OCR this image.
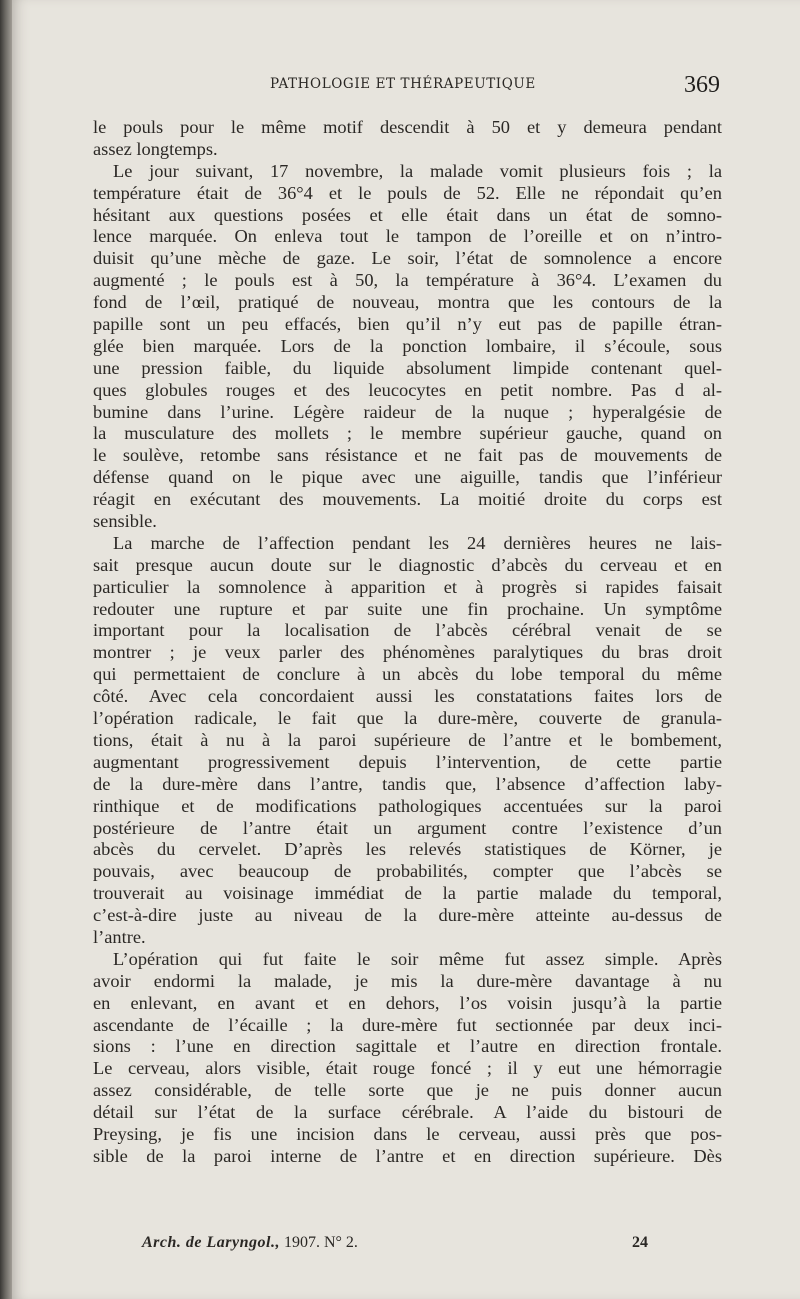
PATHOLOGIE ET THÉRAPEUTIQUE	369
le pouls pour le même motif descendit à 50 et y demeura pendant
assez longtemps.
Le jour suivant, 17 novembre, la malade vomit plusieurs fois ; la
température était de 36°4 et le pouls de 52. Elle ne répondait qu’en
hésitant aux questions posées et elle était dans un état de somno-
lence marquée. On enleva tout le tampon de l’oreille et on n’intro-
duisit qu’une mèche de gaze. Le soir, l’état de somnolence a encore
augmenté ; le pouls est à 50, la température à 36°4. L’examen du
fond de l’œil, pratiqué de nouveau, montra que les contours de la
papille sont un peu effacés, bien qu’il n’y eut pas de papille étran-
glée bien marquée. Lors de la ponction lombaire, il s’écoule, sous
une pression faible, du liquide absolument limpide contenant quel-
ques globules rouges et des leucocytes en petit nombre. Pas d al-
bumine dans l’urine. Légère raideur de la nuque ; hyperalgésie de
la musculature des mollets ; le membre supérieur gauche, quand on
le soulève, retombe sans résistance et ne fait pas de mouvements de
défense quand on le pique avec une aiguille, tandis que l’inférieur
réagit en exécutant des mouvements. La moitié droite du corps est
sensible.
La marche de l’affection pendant les 24 dernières heures ne lais-
sait presque aucun doute sur le diagnostic d’abcès du cerveau et en
particulier la somnolence à apparition et à progrès si rapides faisait
redouter une rupture et par suite une fin prochaine. Un symptôme
important pour la localisation de l’abcès cérébral venait de se
montrer ; je veux parler des phénomènes paralytiques du bras droit
qui permettaient de conclure à un abcès du lobe temporal du même
côté. Avec cela concordaient aussi les constatations faites lors de
l’opération radicale, le fait que la dure-mère, couverte de granula-
tions, était à nu à la paroi supérieure de l’antre et le bombement,
augmentant progressivement depuis l’intervention, de cette partie
de la dure-mère dans l’antre, tandis que, l’absence d’affection laby-
rinthique et de modifications pathologiques accentuées sur la paroi
postérieure de l’antre était un argument contre l’existence d’un
abcès du cervelet. D’après les relevés statistiques de Körner, je
pouvais, avec beaucoup de probabilités, compter que l’abcès se
trouverait au voisinage immédiat de la partie malade du temporal,
c’est-à-dire juste au niveau de la dure-mère atteinte au-dessus de
l’antre.
L’opération qui fut faite le soir même fut assez simple. Après
avoir endormi la malade, je mis la dure-mère davantage à nu
en enlevant, en avant et en dehors, l’os voisin jusqu’à la partie
ascendante de l’écaille ; la dure-mère fut sectionnée par deux inci-
sions : l’une en direction sagittale et l’autre en direction frontale.
Le cerveau, alors visible, était rouge foncé ; il y eut une hémorragie
assez considérable, de telle sorte que je ne puis donner aucun
détail sur l’état de la surface cérébrale. A l’aide du bistouri de
Preysing, je fis une incision dans le cerveau, aussi près que pos-
sible de la paroi interne de l’antre et en direction supérieure. Dès
Arch. de Laryngol., 1907. N° 2.	24
